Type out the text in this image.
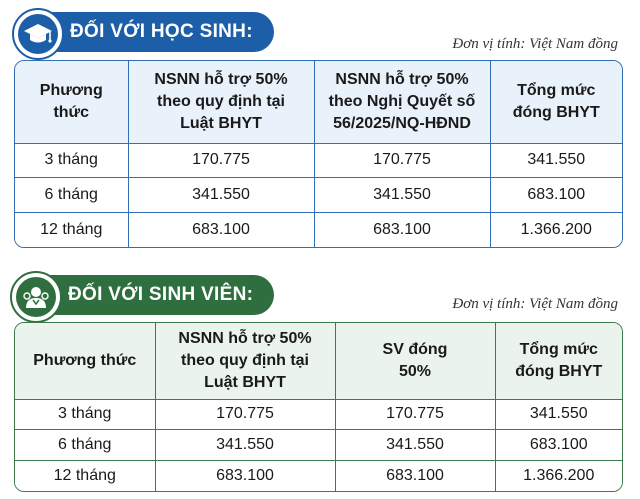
ĐỐI VỚI HỌC SINH:
Đơn vị tính: Việt Nam đồng
Phương thức	NSNN hỗ trợ 50% theo quy định tại Luật BHYT	NSNN hỗ trợ 50% theo Nghị Quyết số 56/2025/NQ-HĐND	Tổng mức đóng BHYT
3 tháng	170.775	170.775	341.550
6 tháng	341.550	341.550	683.100
12 tháng	683.100	683.100	1.366.200
ĐỐI VỚI SINH VIÊN:	Đơn vị tính: Việt Nam đồng
Phương thức	NSNN hỗ trợ 50% theo quy định tại Luật BHYT	SV đóng 50%	Tổng mức đóng BHYT
3 tháng	170.775	170.775	341.550
6 tháng	341.550	341.550	683.100
12 tháng	683.100	683.100	1.366.200
